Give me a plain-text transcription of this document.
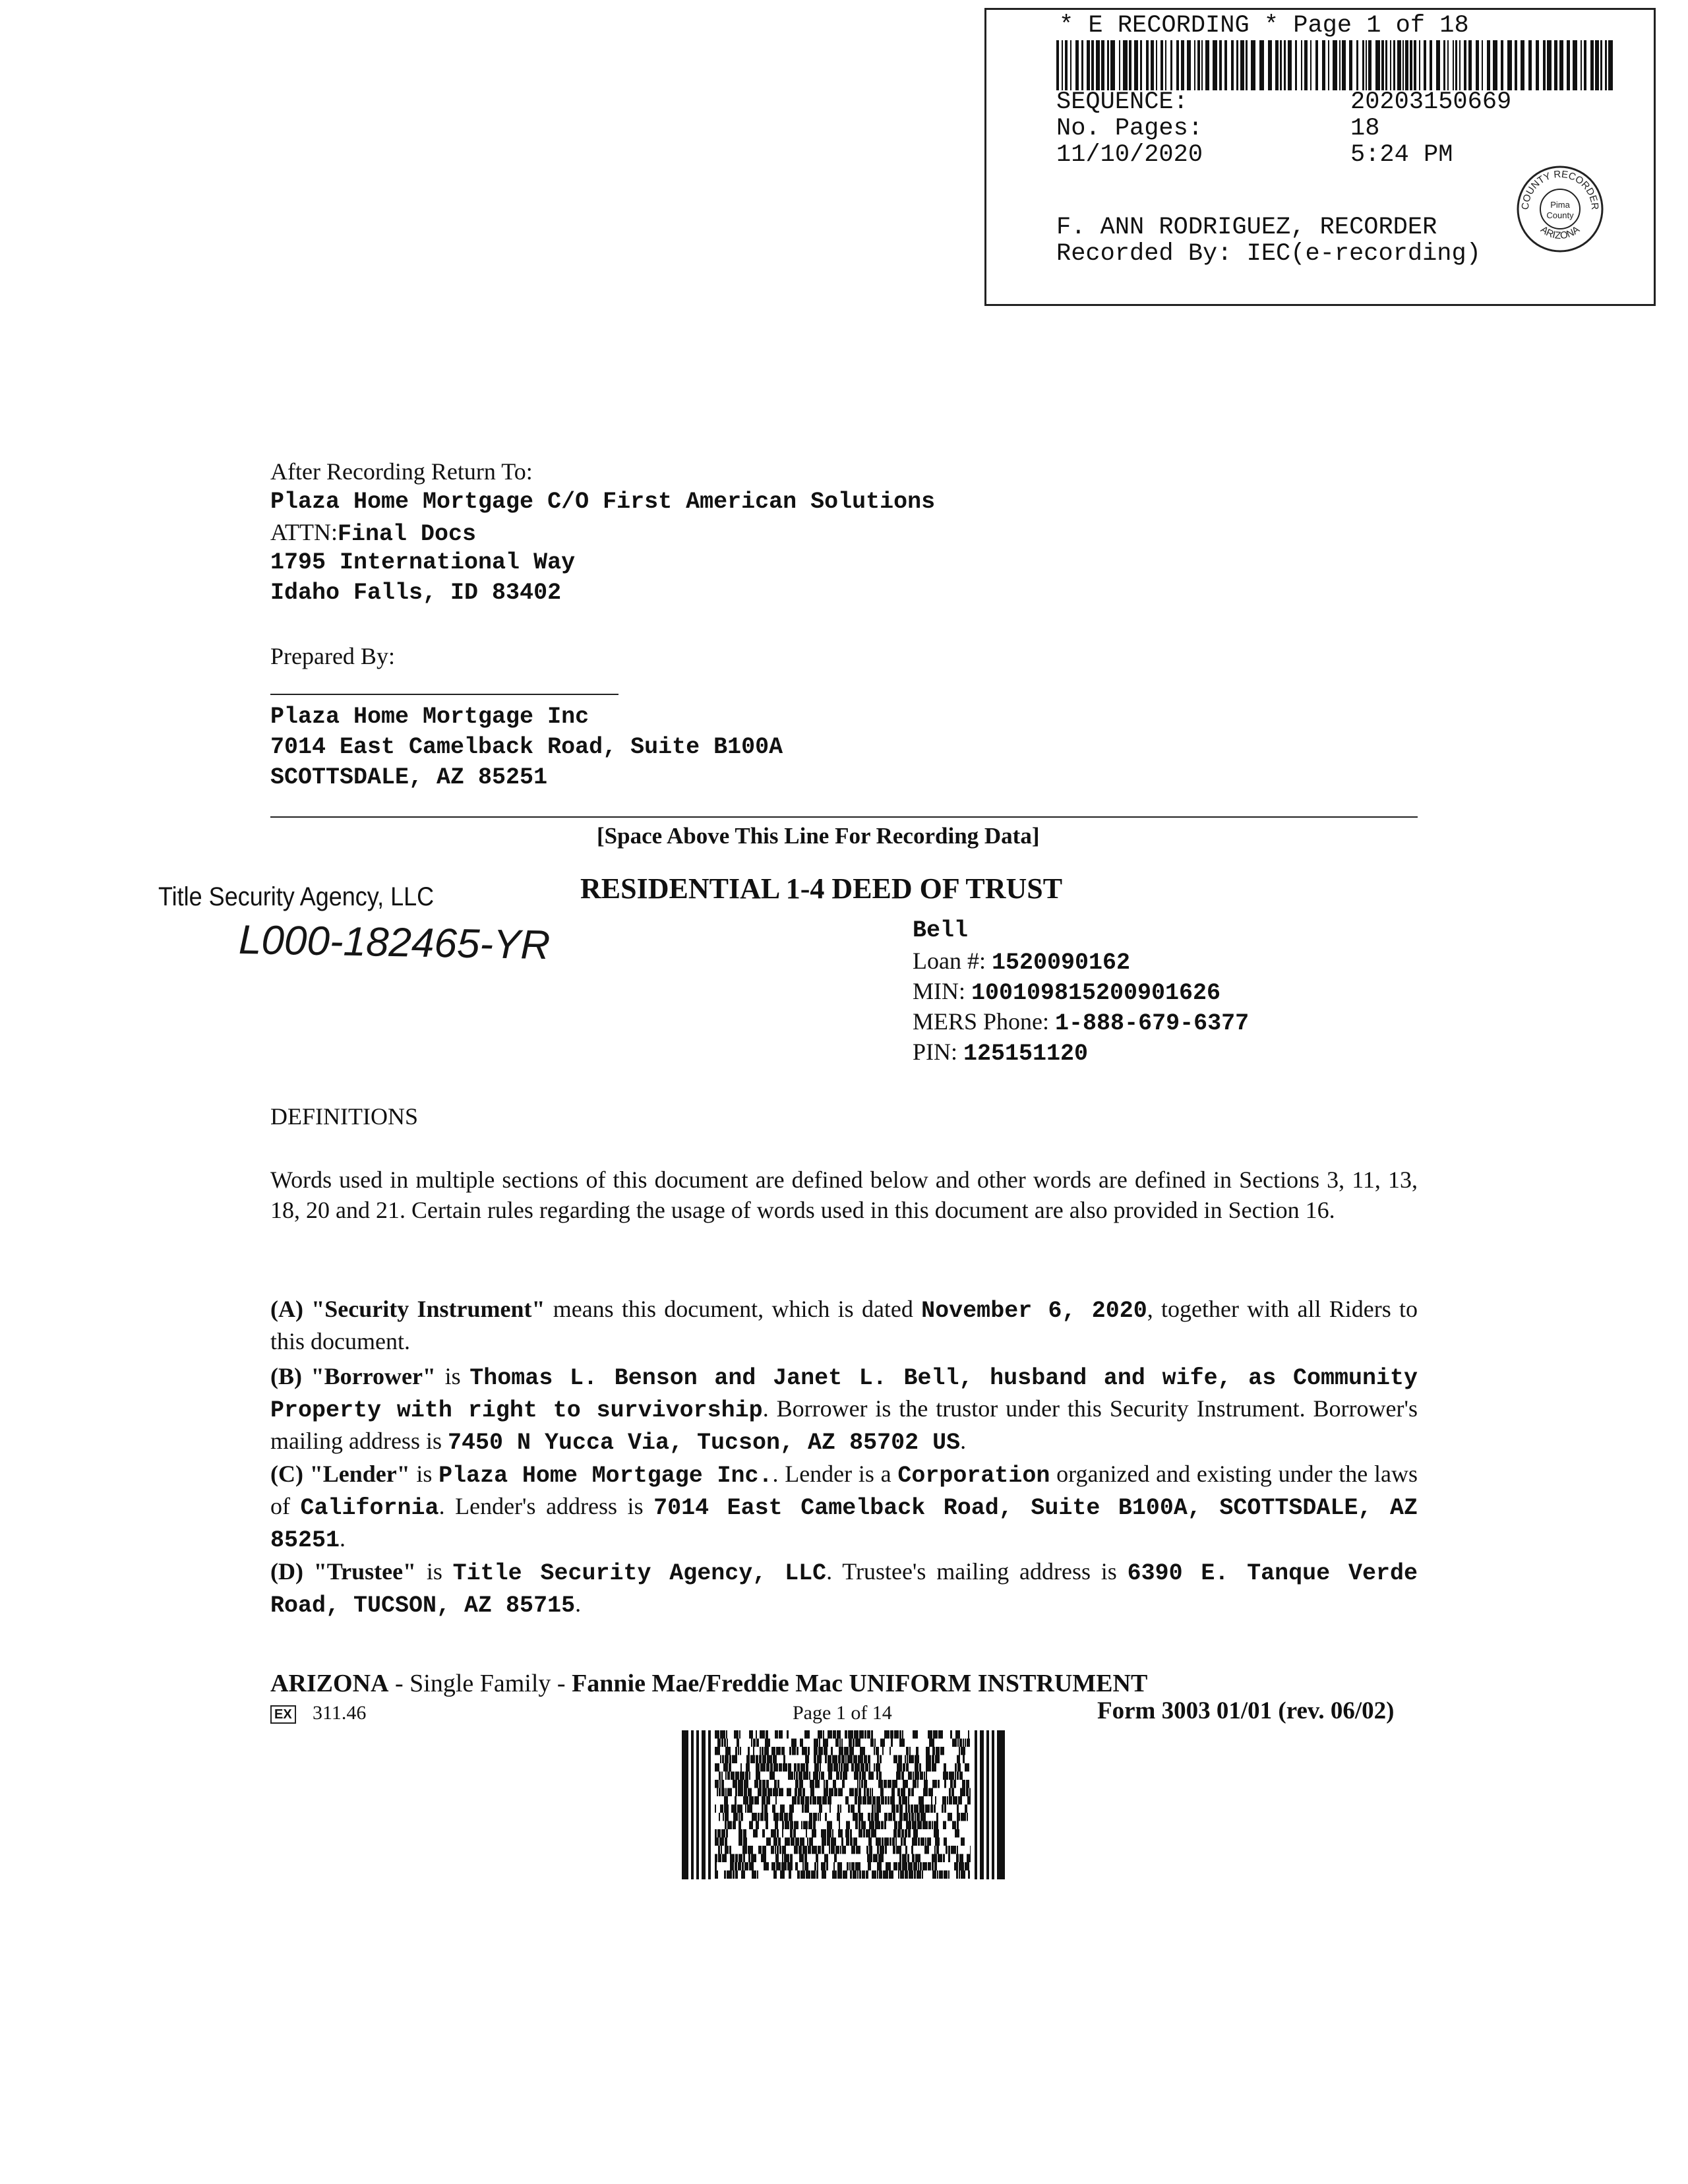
* E RECORDING * Page 1 of 18
SEQUENCE:	20203150669
No. Pages:	18
11/10/2020	5:24 PM
F. ANN RODRIGUEZ, RECORDER
Recorded By: IEC(e-recording)
COUNTY RECORDER
ARIZONA
Pima
County
After Recording Return To:
Plaza Home Mortgage C/O First American Solutions
ATTN:Final Docs
1795 International Way
Idaho Falls, ID 83402
Prepared By:
Plaza Home Mortgage Inc
7014 East Camelback Road, Suite B100A
SCOTTSDALE, AZ 85251
[Space Above This Line For Recording Data]
Title Security Agency, LLC
L000-182465-YR
RESIDENTIAL 1-4 DEED OF TRUST
Bell
Loan #: 1520090162
MIN: 100109815200901626
MERS Phone: 1-888-679-6377
PIN: 125151120
DEFINITIONS
Words used in multiple sections of this document are defined below and other words are defined in Sections 3, 11, 13, 18, 20 and 21. Certain rules regarding the usage of words used in this document are also provided in Section 16.
(A) "Security Instrument" means this document, which is dated November 6, 2020, together with all Riders to this document.
(B) "Borrower" is Thomas L. Benson and Janet L. Bell, husband and wife, as Community Property with right to survivorship. Borrower is the trustor under this Security Instrument. Borrower's mailing address is 7450 N Yucca Via, Tucson, AZ 85702 US.
(C) "Lender" is Plaza Home Mortgage Inc.. Lender is a Corporation organized and existing under the laws of California. Lender's address is 7014 East Camelback Road, Suite B100A, SCOTTSDALE, AZ 85251.
(D) "Trustee" is Title Security Agency, LLC. Trustee's mailing address is 6390 E. Tanque Verde Road, TUCSON, AZ 85715.
ARIZONA - Single Family - Fannie Mae/Freddie Mac UNIFORM INSTRUMENT
EX 311.46	Page 1 of 14	Form 3003 01/01 (rev. 06/02)
